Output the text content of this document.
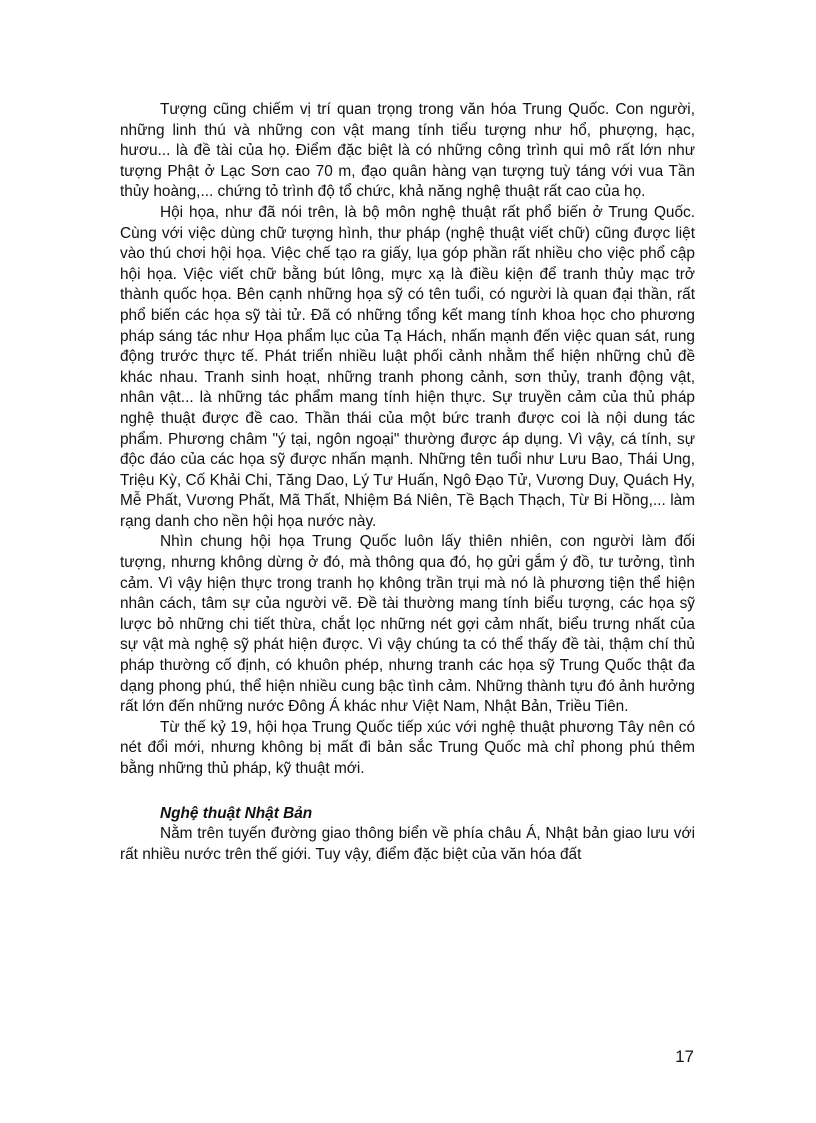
Tượng cũng chiếm vị trí quan trọng trong văn hóa Trung Quốc. Con người, những linh thú và những con vật mang tính tiểu tượng như hổ, phượng, hạc, hươu... là đề tài của họ. Điểm đặc biệt là có những công trình qui mô rất lớn như tượng Phật ở Lạc Sơn cao 70 m, đạo quân hàng vạn tượng tuỳ táng với vua Tần thủy hoàng,... chứng tỏ trình độ tổ chức, khả năng nghệ thuật rất cao của họ.

Hội họa, như đã nói trên, là bộ môn nghệ thuật rất phổ biến ở Trung Quốc. Cùng với việc dùng chữ tượng hình, thư pháp (nghệ thuật viết chữ) cũng được liệt vào thú chơi hội họa. Việc chế tạo ra giấy, lụa góp phần rất nhiều cho việc phổ cập hội họa. Việc viết chữ bằng bút lông, mực xạ là điều kiện để tranh thủy mạc trở thành quốc họa. Bên cạnh những họa sỹ có tên tuổi, có người là quan đại thần, rất phổ biến các họa sỹ tài tử. Đã có những tổng kết mang tính khoa học cho phương pháp sáng tác như Họa phẩm lục của Tạ Hách, nhấn mạnh đến việc quan sát, rung động trước thực tế. Phát triển nhiều luật phối cảnh nhằm thể hiện những chủ đề khác nhau. Tranh sinh hoạt, những tranh phong cảnh, sơn thủy, tranh động vật, nhân vật... là những tác phẩm mang tính hiện thực. Sự truyền cảm của thủ pháp nghệ thuật được đề cao. Thần thái của một bức tranh được coi là nội dung tác phẩm. Phương châm "ý tại, ngôn ngoại" thường được áp dụng. Vì vậy, cá tính, sự độc đáo của các họa sỹ được nhấn mạnh. Những tên tuổi như Lưu Bao, Thái Ung, Triệu Kỳ, Cố Khải Chi, Tăng Dao, Lý Tư Huấn, Ngô Đạo Tử, Vương Duy, Quách Hy, Mễ Phất, Vương Phất, Mã Thất, Nhiệm Bá Niên, Tề Bạch Thạch, Từ Bi Hồng,... làm rạng danh cho nền hội họa nước này.

Nhìn chung hội họa Trung Quốc luôn lấy thiên nhiên, con người làm đối tượng, nhưng không dừng ở đó, mà thông qua đó, họ gửi gắm ý đồ, tư tưởng, tình cảm. Vì vậy hiện thực trong tranh họ không trần trụi mà nó là phương tiện thể hiện nhân cách, tâm sự của người vẽ. Đề tài thường mang tính biểu tượng, các họa sỹ lược bỏ những chi tiết thừa, chắt lọc những nét gợi cảm nhất, biểu trưng nhất của sự vật mà nghệ sỹ phát hiện được. Vì vậy chúng ta có thể thấy đề tài, thậm chí thủ pháp thường cố định, có khuôn phép, nhưng tranh các họa sỹ Trung Quốc thật đa dạng phong phú, thể hiện nhiều cung bậc tình cảm. Những thành tựu đó ảnh hưởng rất lớn đến những nước Đông Á khác như Việt Nam, Nhật Bản, Triều Tiên.

Từ thế kỷ 19, hội họa Trung Quốc tiếp xúc với nghệ thuật phương Tây nên có nét đổi mới, nhưng không bị mất đi bản sắc Trung Quốc mà chỉ phong phú thêm bằng những thủ pháp, kỹ thuật mới.

Nghệ thuật Nhật Bản

Nằm trên tuyến đường giao thông biển về phía châu Á, Nhật bản giao lưu với rất nhiều nước trên thế giới. Tuy vậy, điểm đặc biệt của văn hóa đất

17
